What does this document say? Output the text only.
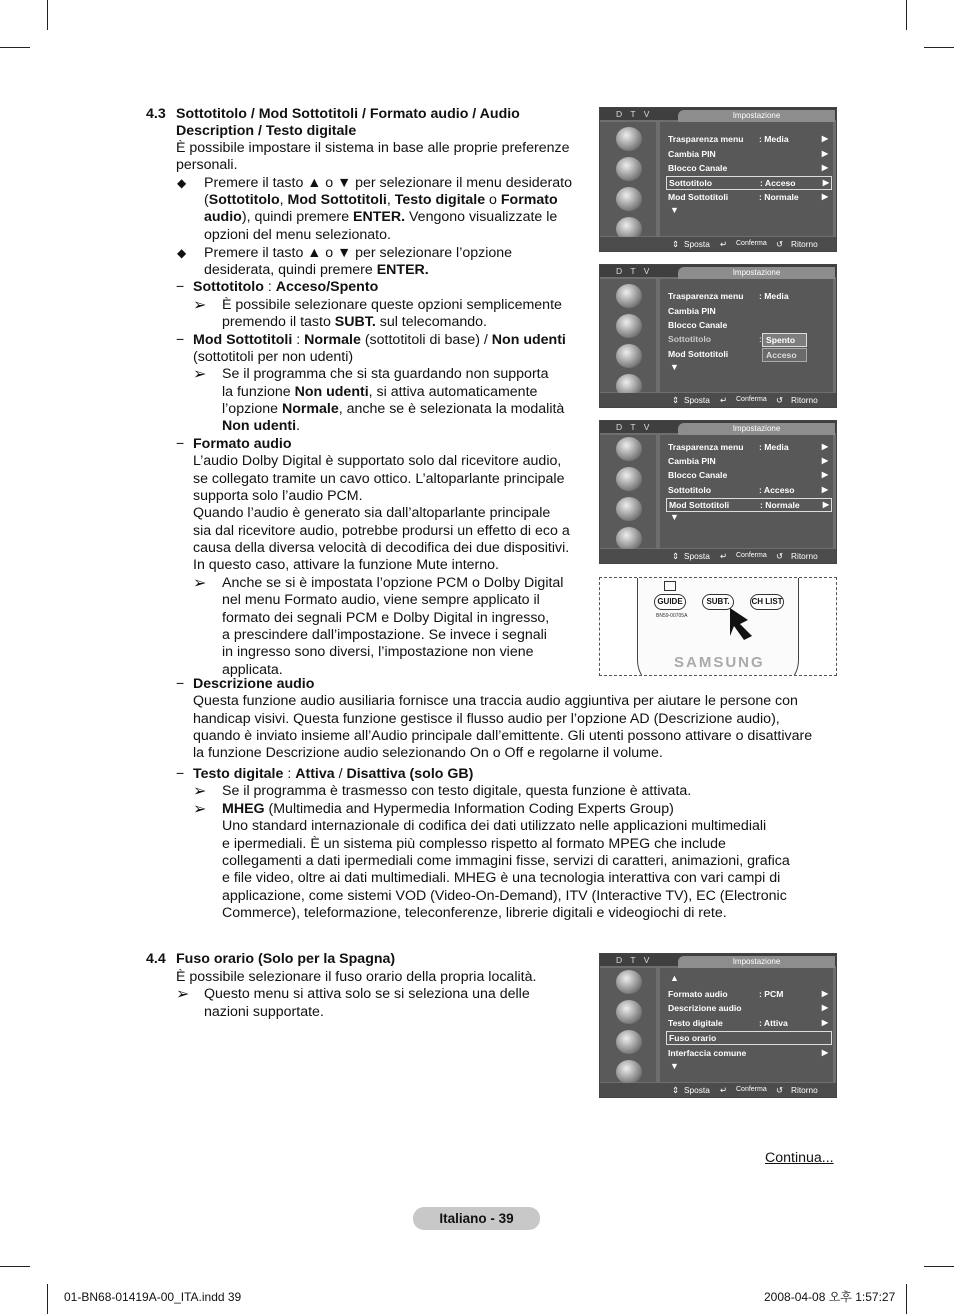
4.3 Sottotitolo / Mod Sottotitoli / Formato audio / Audio
Description / Testo digitale
È possibile impostare il sistema in base alle proprie preferenze
personali.
◆ Premere il tasto ▲ o ▼ per selezionare il menu desiderato
(Sottotitolo, Mod Sottotitoli, Testo digitale o Formato
audio), quindi premere ENTER. Vengono visualizzate le
opzioni del menu selezionato.
◆ Premere il tasto ▲ o ▼ per selezionare l’opzione
desiderata, quindi premere ENTER.
− Sottotitolo : Acceso/Spento
➢ È possibile selezionare queste opzioni semplicemente
premendo il tasto SUBT. sul telecomando.
− Mod Sottotitoli : Normale (sottotitoli di base) / Non udenti
(sottotitoli per non udenti)
➢ Se il programma che si sta guardando non supporta
la funzione Non udenti, si attiva automaticamente
l’opzione Normale, anche se è selezionata la modalità
Non udenti.
− Formato audio
L’audio Dolby Digital è supportato solo dal ricevitore audio,
se collegato tramite un cavo ottico. L’altoparlante principale
supporta solo l’audio PCM.
Quando l’audio è generato sia dall’altoparlante principale
sia dal ricevitore audio, potrebbe prodursi un effetto di eco a
causa della diversa velocità di decodifica dei due dispositivi.
In questo caso, attivare la funzione Mute interno.
➢ Anche se si è impostata l’opzione PCM o Dolby Digital
nel menu Formato audio, viene sempre applicato il
formato dei segnali PCM e Dolby Digital in ingresso,
a prescindere dall’impostazione. Se invece i segnali
in ingresso sono diversi, l’impostazione non viene
applicata.
− Descrizione audio
Questa funzione audio ausiliaria fornisce una traccia audio aggiuntiva per aiutare le persone con
handicap visivi. Questa funzione gestisce il flusso audio per l’opzione AD (Descrizione audio),
quando è inviato insieme all’Audio principale dall’emittente. Gli utenti possono attivare o disattivare
la funzione Descrizione audio selezionando On o Off e regolarne il volume.
− Testo digitale : Attiva / Disattiva (solo GB)
➢ Se il programma è trasmesso con testo digitale, questa funzione è attivata.
➢ MHEG (Multimedia and Hypermedia Information Coding Experts Group)
Uno standard internazionale di codifica dei dati utilizzato nelle applicazioni multimediali
e ipermediali. È un sistema più complesso rispetto al formato MPEG che include
collegamenti a dati ipermediali come immagini fisse, servizi di caratteri, animazioni, grafica
e file video, oltre ai dati multimediali. MHEG è una tecnologia interattiva con vari campi di
applicazione, come sistemi VOD (Video-On-Demand), ITV (Interactive TV), EC (Electronic
Commerce), teleformazione, teleconferenze, librerie digitali e videogiochi di rete.
4.4 Fuso orario (Solo per la Spagna)
È possibile selezionare il fuso orario della propria località.
➢ Questo menu si attiva solo se si seleziona una delle
nazioni supportate.
D T V	Impostazione
Trasparenza menu : Media	▶
Cambia PIN	▶
Blocco Canale	▶
Sottotitolo	: Acceso	▶
Mod Sottotitoli	: Normale	▶
▼
⇕ Sposta ↵ Conferma ↺ Ritorno
D T V	Impostazione
Trasparenza menu : Media
Cambia PIN
Blocco Canale
Sottotitolo	:
Mod Sottotitoli
Spento
Acceso
▼
⇕ Sposta ↵ Conferma ↺ Ritorno
D T V	Impostazione
Trasparenza menu : Media	▶
Cambia PIN	▶
Blocco Canale	▶
Sottotitolo	: Acceso	▶
Mod Sottotitoli	: Normale	▶
▼
⇕ Sposta ↵ Conferma ↺ Ritorno
GUIDE	SUBT.	CH LIST
BN59-00705A
SAMSUNG
D T V	Impostazione
▲
Formato audio	: PCM	▶
Descrizione audio	▶
Testo digitale	: Attiva	▶
Fuso orario
Interfaccia comune	▶
▼
⇕ Sposta ↵ Conferma ↺ Ritorno
Continua...
Italiano - 39
01-BN68-01419A-00_ITA.indd 39	2008-04-08 오후 1:57:27
